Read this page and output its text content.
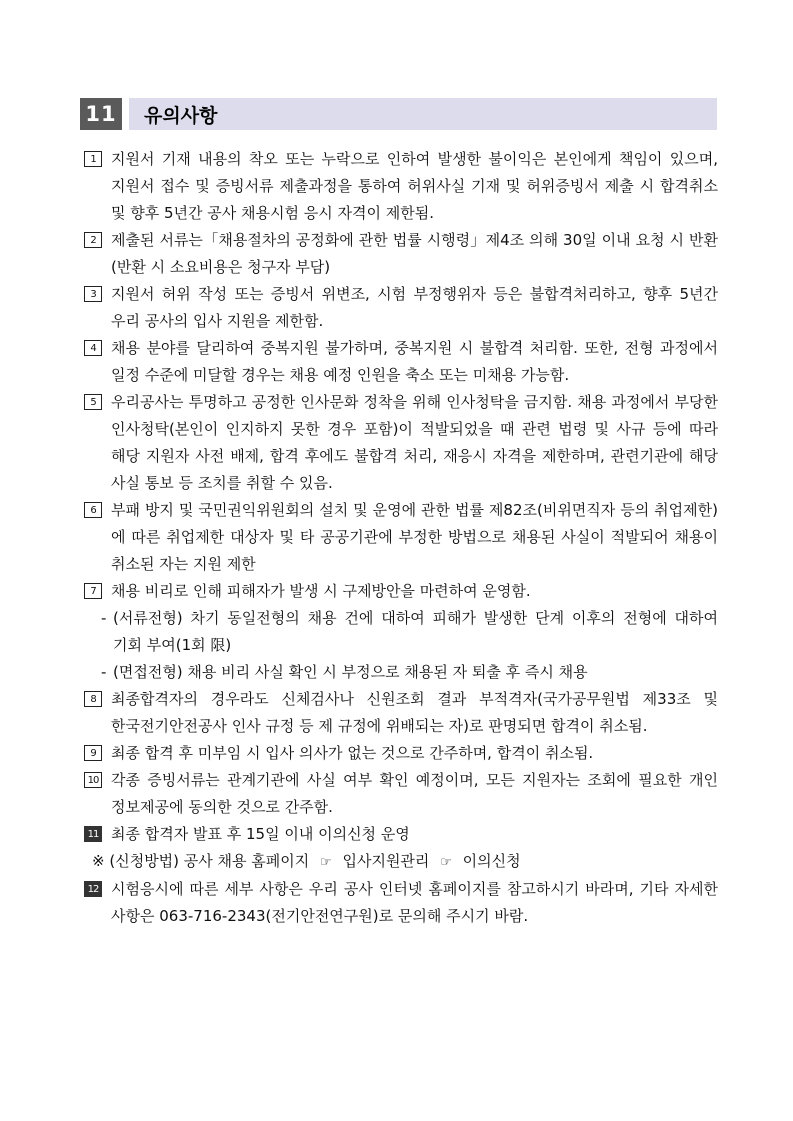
11 유의사항
1	지원서 기재 내용의 착오 또는 누락으로 인하여 발생한 불이익은 본인에게 책임이 있으며, 지원서 접수 및 증빙서류 제출과정을 통하여 허위사실 기재 및 허위증빙서 제출 시 합격취소 및 향후 5년간 공사 채용시험 응시 자격이 제한됨.
2	제출된 서류는「채용절차의 공정화에 관한 법률 시행령」제4조 의해 30일 이내 요청 시 반환 (반환 시 소요비용은 청구자 부담)
3	지원서 허위 작성 또는 증빙서 위변조, 시험 부정행위자 등은 불합격처리하고, 향후 5년간 우리 공사의 입사 지원을 제한함.
4	채용 분야를 달리하여 중복지원 불가하며, 중복지원 시 불합격 처리함. 또한, 전형 과정에서 일정 수준에 미달할 경우는 채용 예정 인원을 축소 또는 미채용 가능함.
5	우리공사는 투명하고 공정한 인사문화 정착을 위해 인사청탁을 금지함. 채용 과정에서 부당한 인사청탁(본인이 인지하지 못한 경우 포함)이 적발되었을 때 관련 법령 및 사규 등에 따라 해당 지원자 사전 배제, 합격 후에도 불합격 처리, 재응시 자격을 제한하며, 관련기관에 해당 사실 통보 등 조치를 취할 수 있음.
6	부패 방지 및 국민권익위원회의 설치 및 운영에 관한 법률 제82조(비위면직자 등의 취업제한)에 따른 취업제한 대상자 및 타 공공기관에 부정한 방법으로 채용된 사실이 적발되어 채용이 취소된 자는 지원 제한
7	채용 비리로 인해 피해자가 발생 시 구제방안을 마련하여 운영함.
- (서류전형) 차기 동일전형의 채용 건에 대하여 피해가 발생한 단계 이후의 전형에 대하여 기회 부여(1회 限)
- (면접전형) 채용 비리 사실 확인 시 부정으로 채용된 자 퇴출 후 즉시 채용
8	최종합격자의 경우라도 신체검사나 신원조회 결과 부적격자(국가공무원법 제33조 및 한국전기안전공사 인사 규정 등 제 규정에 위배되는 자)로 판명되면 합격이 취소됨.
9	최종 합격 후 미부임 시 입사 의사가 없는 것으로 간주하며, 합격이 취소됨.
10 각종 증빙서류는 관계기관에 사실 여부 확인 예정이며, 모든 지원자는 조회에 필요한 개인 정보제공에 동의한 것으로 간주함.
11 최종 합격자 발표 후 15일 이내 이의신청 운영
※ (신청방법) 공사 채용 홈페이지 ☞ 입사지원관리 ☞ 이의신청
12 시험응시에 따른 세부 사항은 우리 공사 인터넷 홈페이지를 참고하시기 바라며, 기타 자세한 사항은 063-716-2343(전기안전연구원)로 문의해 주시기 바람.
